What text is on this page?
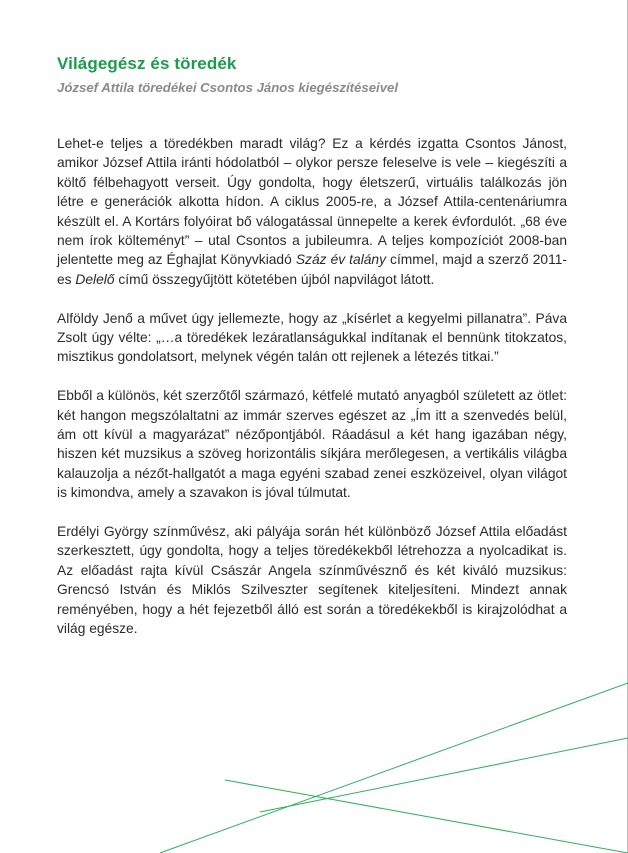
Világegész és töredék
József Attila töredékei Csontos János kiegészítéseivel

Lehet-e teljes a töredékben maradt világ? Ez a kérdés izgatta Csontos Jánost, amikor József Attila iránti hódolatból – olykor persze feleselve is vele – kiegészíti a költő félbehagyott verseit. Úgy gondolta, hogy életszerű, virtuális találkozás jön létre e generációk alkotta hídon. A ciklus 2005-re, a József Attila-centenáriumra készült el. A Kortárs folyóirat bő válogatással ünnepelte a kerek évfordulót. „68 éve nem írok költeményt” – utal Csontos a jubileumra. A teljes kompozíciót 2008-ban jelentette meg az Éghajlat Könyvkiadó Száz év talány címmel, majd a szerző 2011-es Delelő című összegyűjtött kötetében újból napvilágot látott.

Alföldy Jenő a művet úgy jellemezte, hogy az „kísérlet a kegyelmi pillanatra”. Páva Zsolt úgy vélte: „…a töredékek lezáratlanságukkal indítanak el bennünk titokzatos, misztikus gondolatsort, melynek végén talán ott rejlenek a létezés titkai.”

Ebből a különös, két szerzőtől származó, kétfelé mutató anyagból született az ötlet: két hangon megszólaltatni az immár szerves egészet az „Ím itt a szenvedés belül, ám ott kívül a magyarázat” nézőpontjából. Ráadásul a két hang igazában négy, hiszen két muzsikus a szöveg horizontális síkjára merőlegesen, a vertikális világba kalauzolja a nézőt-hallgatót a maga egyéni szabad zenei eszközeivel, olyan világot is kimondva, amely a szavakon is jóval túlmutat.

Erdélyi György színművész, aki pályája során hét különböző József Attila előadást szerkesztett, úgy gondolta, hogy a teljes töredékekből létrehozza a nyolcadikat is. Az előadást rajta kívül Császár Angela színművésznő és két kiváló muzsikus: Grencsó István és Miklós Szilveszter segítenek kiteljesíteni. Mindezt annak reményében, hogy a hét fejezetből álló est során a töredékekből is kirajzolódhat a világ egésze.
